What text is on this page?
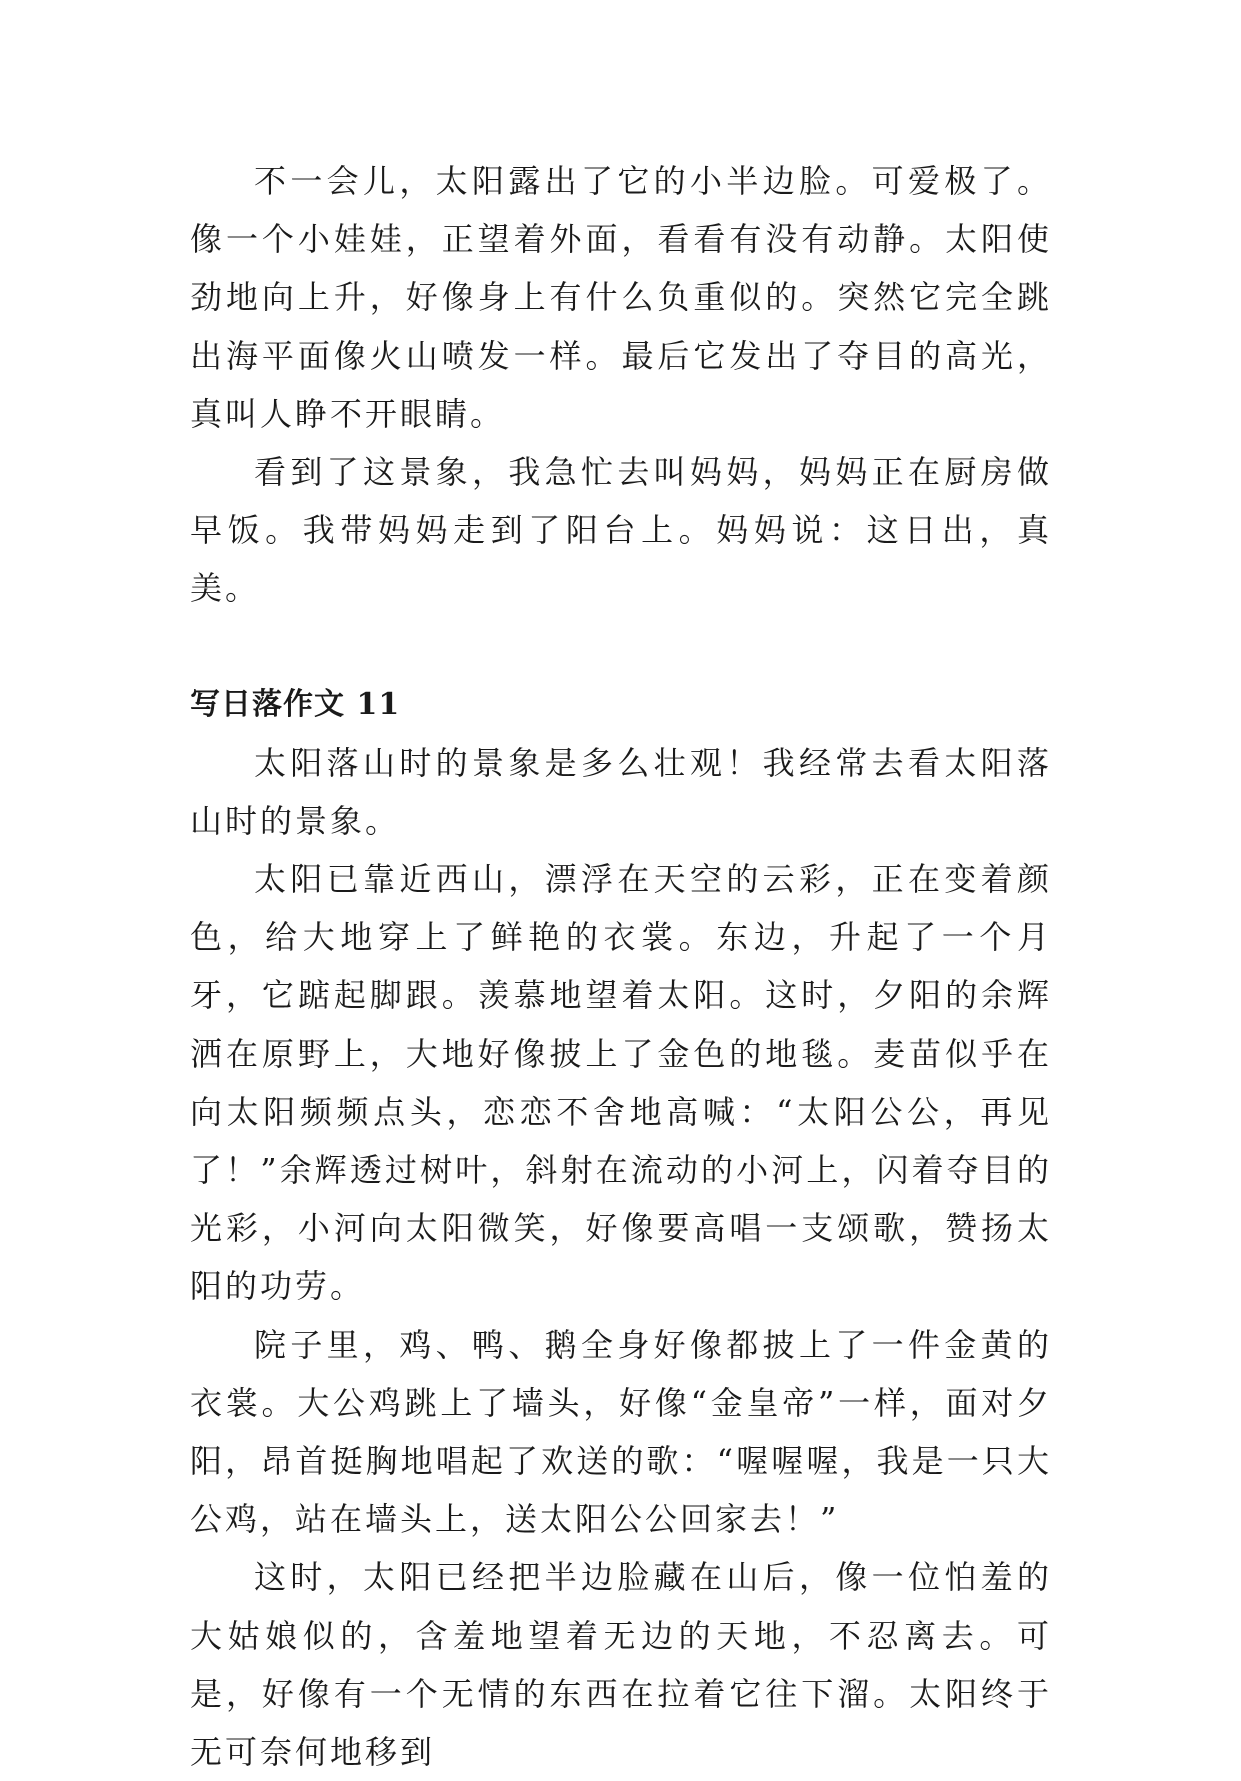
不一会儿，太阳露出了它的小半边脸。可爱极了。像一个小娃娃，正望着外面，看看有没有动静。太阳使劲地向上升，好像身上有什么负重似的。突然它完全跳出海平面像火山喷发一样。最后它发出了夺目的高光，真叫人睁不开眼睛。

看到了这景象，我急忙去叫妈妈，妈妈正在厨房做早饭。我带妈妈走到了阳台上。妈妈说：这日出，真美。

写日落作文 11

太阳落山时的景象是多么壮观！我经常去看太阳落山时的景象。

太阳已靠近西山，漂浮在天空的云彩，正在变着颜色，给大地穿上了鲜艳的衣裳。东边，升起了一个月牙，它踮起脚跟。羡慕地望着太阳。这时，夕阳的余辉洒在原野上，大地好像披上了金色的地毯。麦苗似乎在向太阳频频点头，恋恋不舍地高喊：“太阳公公，再见了！”余辉透过树叶，斜射在流动的小河上，闪着夺目的光彩，小河向太阳微笑，好像要高唱一支颂歌，赞扬太阳的功劳。

院子里，鸡、鸭、鹅全身好像都披上了一件金黄的衣裳。大公鸡跳上了墙头，好像“金皇帝”一样，面对夕阳，昂首挺胸地唱起了欢送的歌：“喔喔喔，我是一只大公鸡，站在墙头上，送太阳公公回家去！”

这时，太阳已经把半边脸藏在山后，像一位怕羞的大姑娘似的，含羞地望着无边的天地，不忍离去。可是，好像有一个无情的东西在拉着它往下溜。太阳终于无可奈何地移到
